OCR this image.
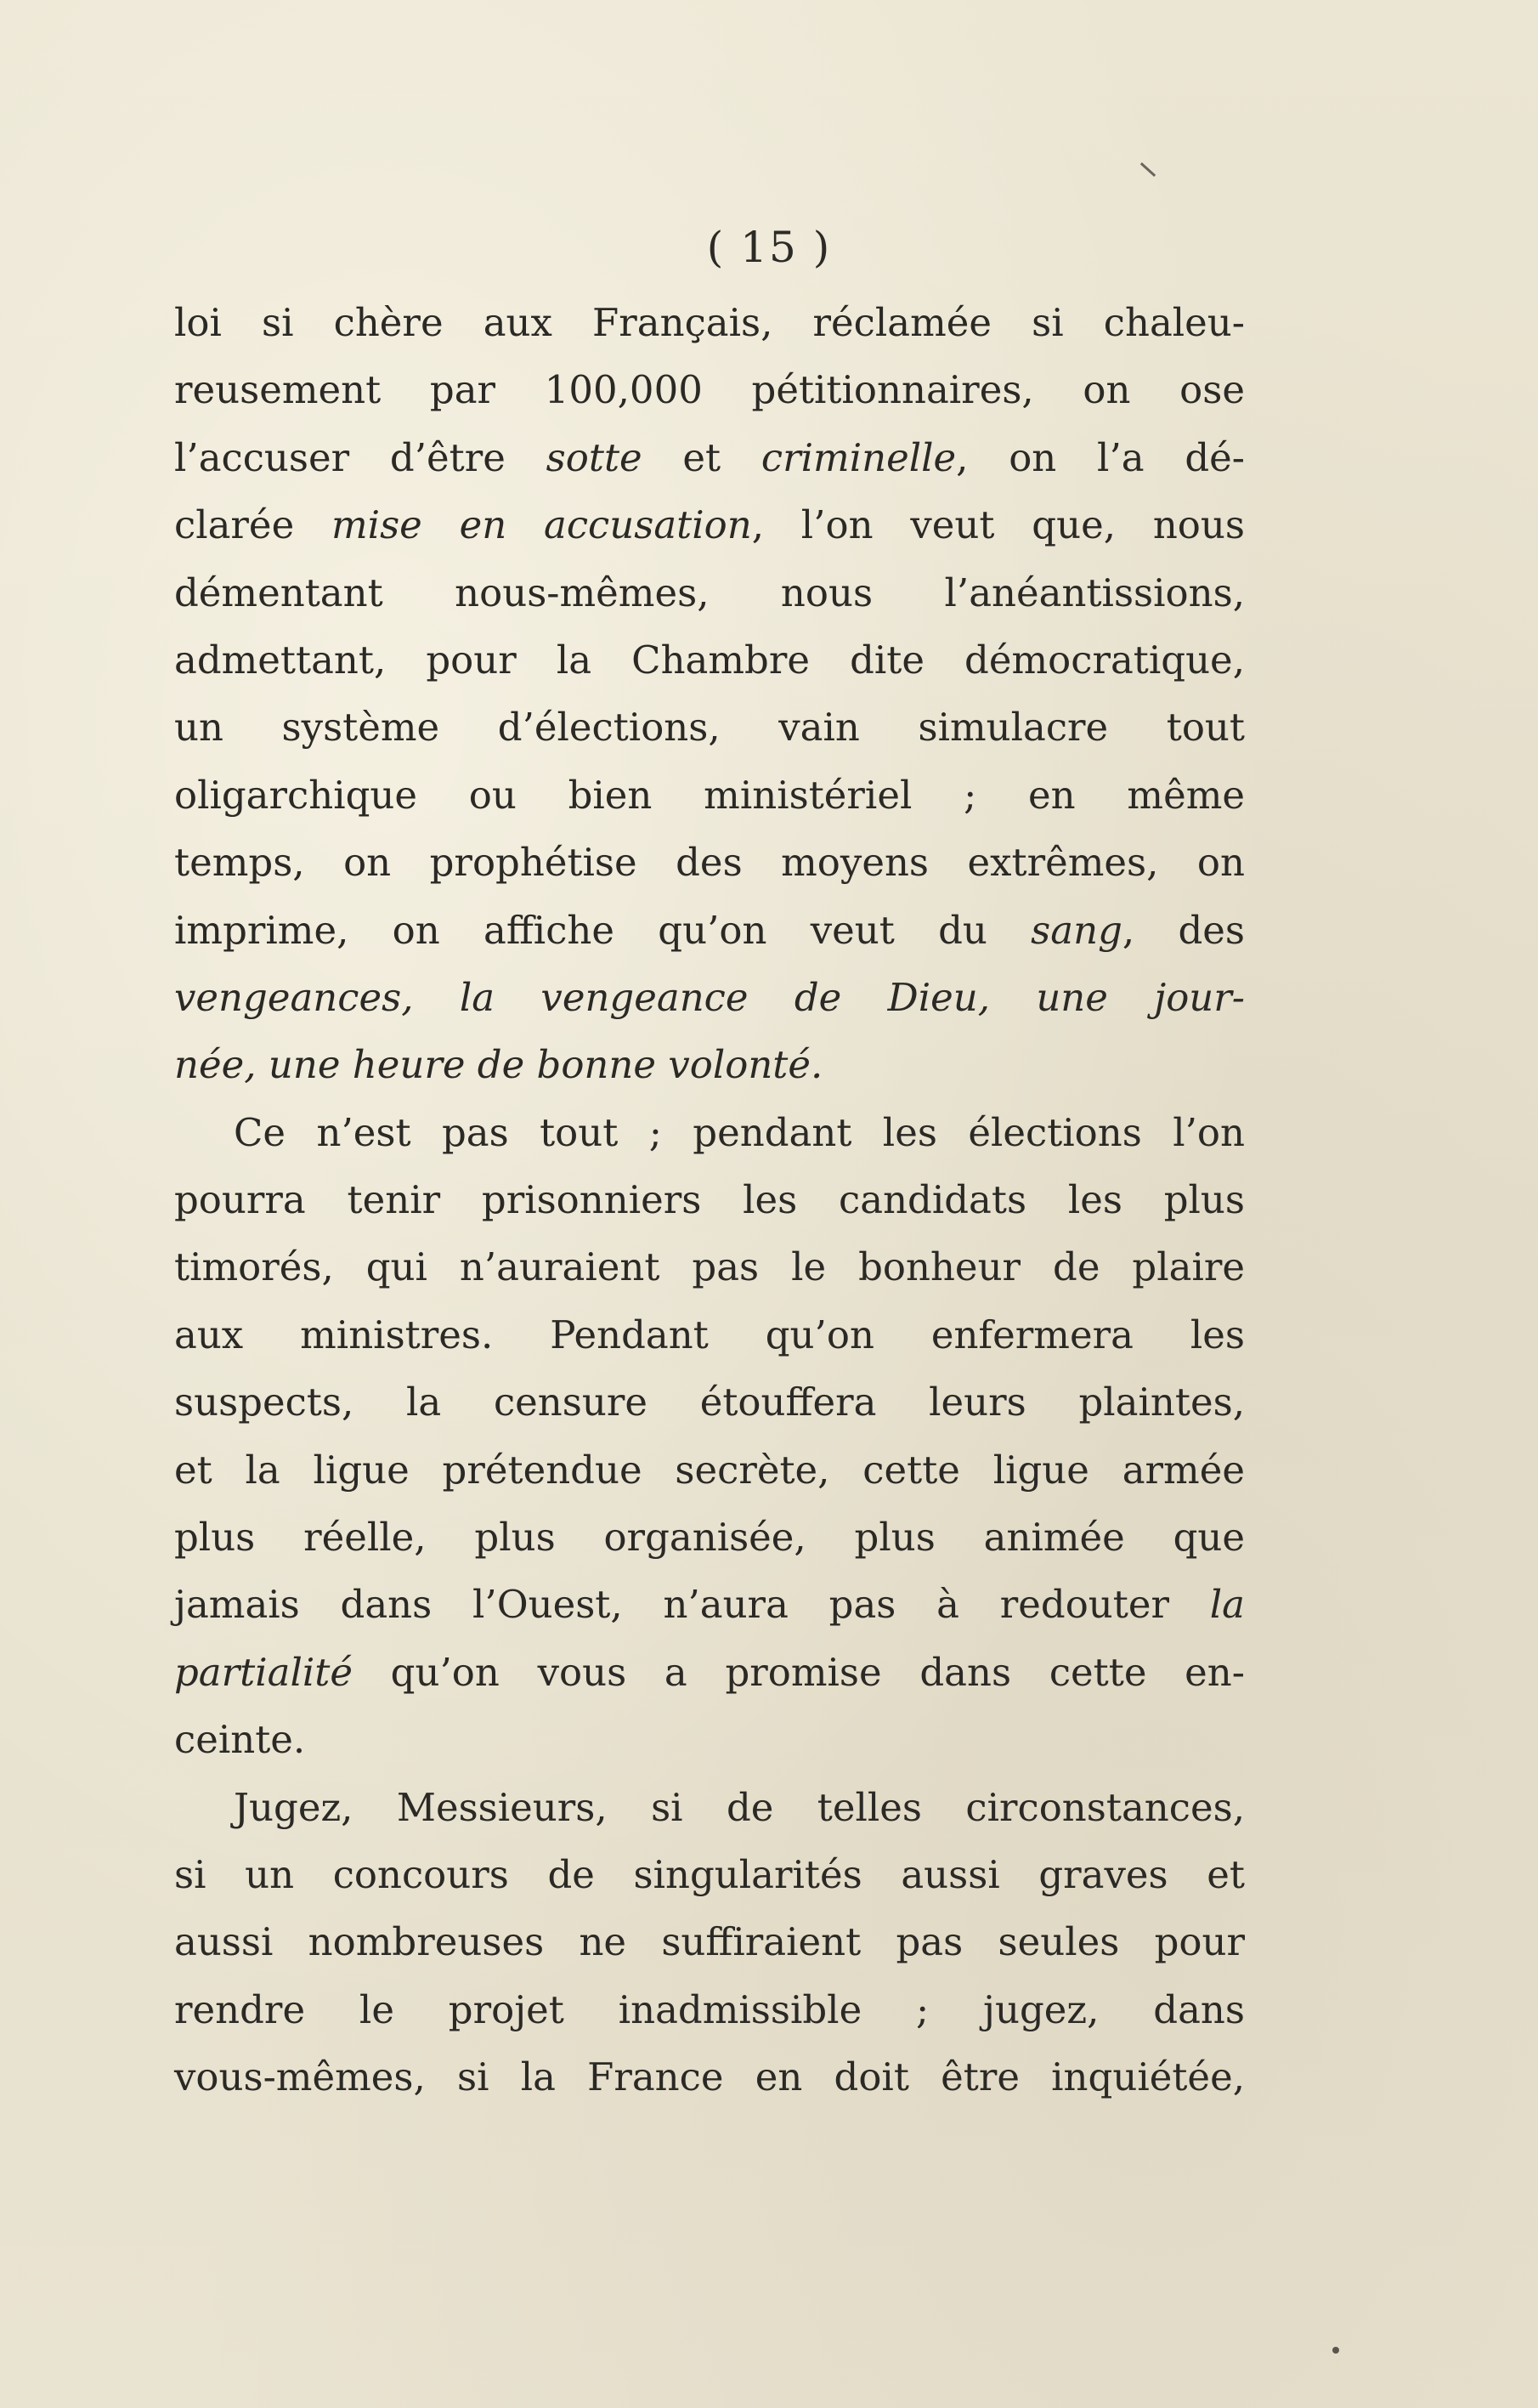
( 15 )
loi si chère aux Français, réclamée si chaleu-
reusement par 100,000 pétitionnaires, on ose
l’accuser d’être sotte et criminelle, on l’a dé-
clarée mise en accusation, l’on veut que, nous
démentant nous-mêmes, nous l’anéantissions,
admettant, pour la Chambre dite démocratique,
un système d’élections, vain simulacre tout
oligarchique ou bien ministériel ; en même
temps, on prophétise des moyens extrêmes, on
imprime, on affiche qu’on veut du sang, des
vengeances, la vengeance de Dieu, une jour-
née, une heure de bonne volonté.
Ce n’est pas tout ; pendant les élections l’on
pourra tenir prisonniers les candidats les plus
timorés, qui n’auraient pas le bonheur de plaire
aux ministres. Pendant qu’on enfermera les
suspects, la censure étouffera leurs plaintes,
et la ligue prétendue secrète, cette ligue armée
plus réelle, plus organisée, plus animée que
jamais dans l’Ouest, n’aura pas à redouter la
partialité qu’on vous a promise dans cette en-
ceinte.
Jugez, Messieurs, si de telles circonstances,
si un concours de singularités aussi graves et
aussi nombreuses ne suffiraient pas seules pour
rendre le projet inadmissible ; jugez, dans
vous-mêmes, si la France en doit être inquiétée,
